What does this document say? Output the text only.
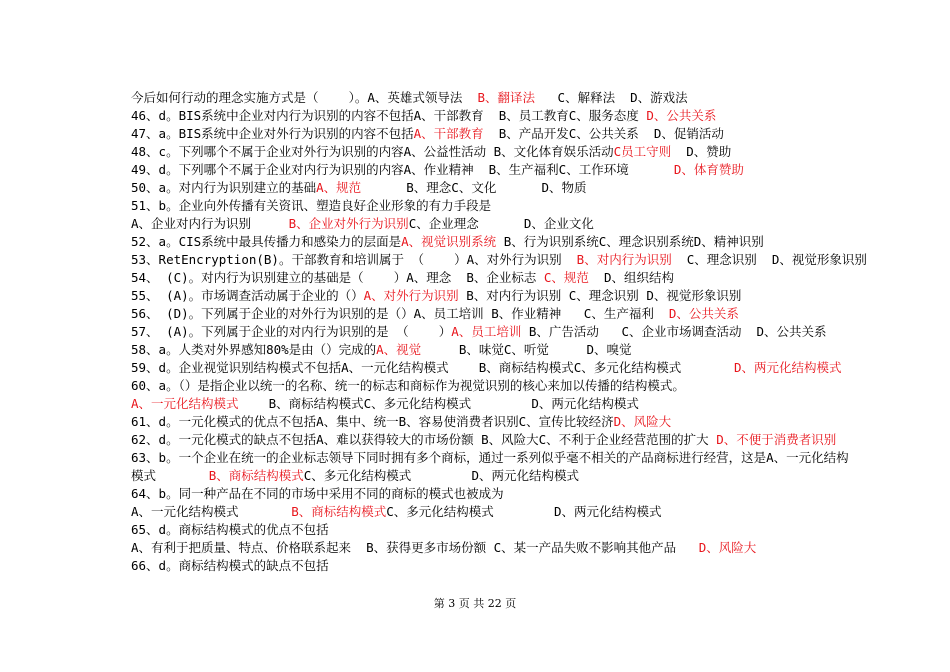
今后如何行动的理念实施方式是（    ）。A、英雄式领导法  B、翻译法   C、解释法  D、游戏法
46、d。BIS系统中企业对内行为识别的内容不包括A、干部教育  B、员工教育C、服务态度 D、公共关系
47、a。BIS系统中企业对外行为识别的内容不包括A、干部教育  B、产品开发C、公共关系  D、促销活动
48、c。下列哪个不属于企业对外行为识别的内容A、公益性活动 B、文化体育娱乐活动C员工守则  D、赞助
49、d。下列哪个不属于企业对内行为识别的内容A、作业精神  B、生产福利C、工作环境      D、体育赞助
50、a。对内行为识别建立的基础A、规范      B、理念C、文化      D、物质
51、b。企业向外传播有关资讯、塑造良好企业形象的有力手段是
A、企业对内行为识别     B、企业对外行为识别C、企业理念      D、企业文化
52、a。CIS系统中最具传播力和感染力的层面是A、视觉识别系统 B、行为识别系统C、理念识别系统D、精神识别
53、RetEncryption(B)。干部教育和培训属于 （    ）A、对外行为识别  B、对内行为识别  C、理念识别  D、视觉形象识别
54、 (C)。对内行为识别建立的基础是（    ）A、理念  B、企业标志 C、规范  D、组织结构
55、 (A)。市场调查活动属于企业的（）A、对外行为识别 B、对内行为识别 C、理念识别 D、视觉形象识别
56、 (D)。下列属于企业的对外行为识别的是（）A、员工培训 B、作业精神   C、生产福利  D、公共关系
57、 (A)。下列属于企业的对内行为识别的是 （    ）A、员工培训 B、广告活动   C、企业市场调查活动  D、公共关系
58、a。人类对外界感知80%是由（）完成的A、视觉     B、味觉C、听觉     D、嗅觉
59、d。企业视觉识别结构模式不包括A、一元化结构模式    B、商标结构模式C、多元化结构模式       D、两元化结构模式
60、a。（）是指企业以统一的名称、统一的标志和商标作为视觉识别的核心来加以传播的结构模式。
A、一元化结构模式    B、商标结构模式C、多元化结构模式        D、两元化结构模式
61、d。一元化模式的优点不包括A、集中、统一B、容易使消费者识别C、宣传比较经济D、风险大
62、d。一元化模式的缺点不包括A、难以获得较大的市场份额 B、风险大C、不利于企业经营范围的扩大 D、不便于消费者识别
63、b。一个企业在统一的企业标志领导下同时拥有多个商标，通过一系列似乎毫不相关的产品商标进行经营，这是A、一元化结构
模式       B、商标结构模式C、多元化结构模式        D、两元化结构模式
64、b。同一种产品在不同的市场中采用不同的商标的模式也被成为
A、一元化结构模式       B、商标结构模式C、多元化结构模式        D、两元化结构模式
65、d。商标结构模式的优点不包括
A、有利于把质量、特点、价格联系起来  B、获得更多市场份额 C、某一产品失败不影响其他产品   D、风险大
66、d。商标结构模式的缺点不包括
第 3 页 共 22 页
